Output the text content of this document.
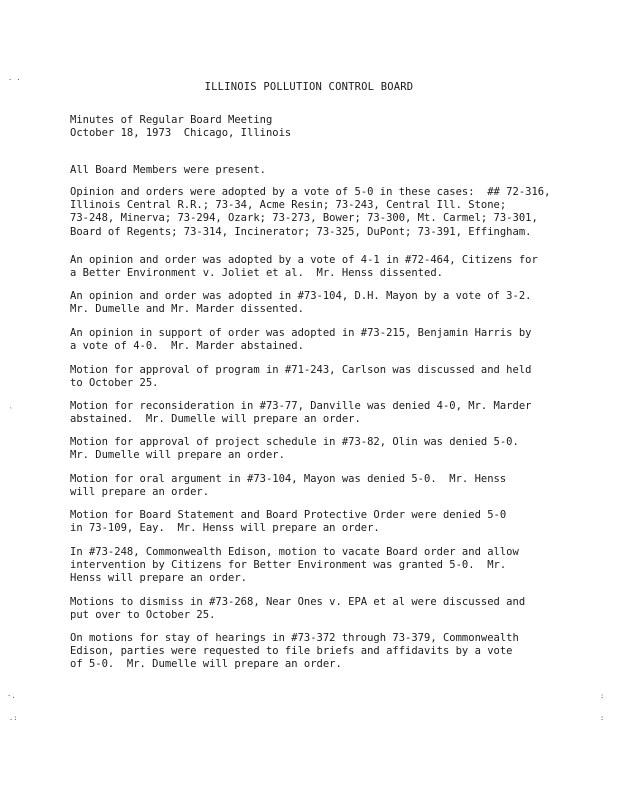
. .
`
·.
.:
:
:
ILLINOIS POLLUTION CONTROL BOARD
Minutes of Regular Board Meeting
October 18, 1973  Chicago, Illinois
All Board Members were present.
Opinion and orders were adopted by a vote of 5-0 in these cases:  ## 72-316,
Illinois Central R.R.; 73-34, Acme Resin; 73-243, Central Ill. Stone;
73-248, Minerva; 73-294, Ozark; 73-273, Bower; 73-300, Mt. Carmel; 73-301,
Board of Regents; 73-314, Incinerator; 73-325, DuPont; 73-391, Effingham.
An opinion and order was adopted by a vote of 4-1 in #72-464, Citizens for
a Better Environment v. Joliet et al.  Mr. Henss dissented.
An opinion and order was adopted in #73-104, D.H. Mayon by a vote of 3-2.
Mr. Dumelle and Mr. Marder dissented.
An opinion in support of order was adopted in #73-215, Benjamin Harris by
a vote of 4-0.  Mr. Marder abstained.
Motion for approval of program in #71-243, Carlson was discussed and held
to October 25.
Motion for reconsideration in #73-77, Danville was denied 4-0, Mr. Marder
abstained.  Mr. Dumelle will prepare an order.
Motion for approval of project schedule in #73-82, Olin was denied 5-0.
Mr. Dumelle will prepare an order.
Motion for oral argument in #73-104, Mayon was denied 5-0.  Mr. Henss
will prepare an order.
Motion for Board Statement and Board Protective Order were denied 5-0
in 73-109, Eay.  Mr. Henss will prepare an order.
In #73-248, Commonwealth Edison, motion to vacate Board order and allow
intervention by Citizens for Better Environment was granted 5-0.  Mr.
Henss will prepare an order.
Motions to dismiss in #73-268, Near Ones v. EPA et al were discussed and
put over to October 25.
On motions for stay of hearings in #73-372 through 73-379, Commonwealth
Edison, parties were requested to file briefs and affidavits by a vote
of 5-0.  Mr. Dumelle will prepare an order.
